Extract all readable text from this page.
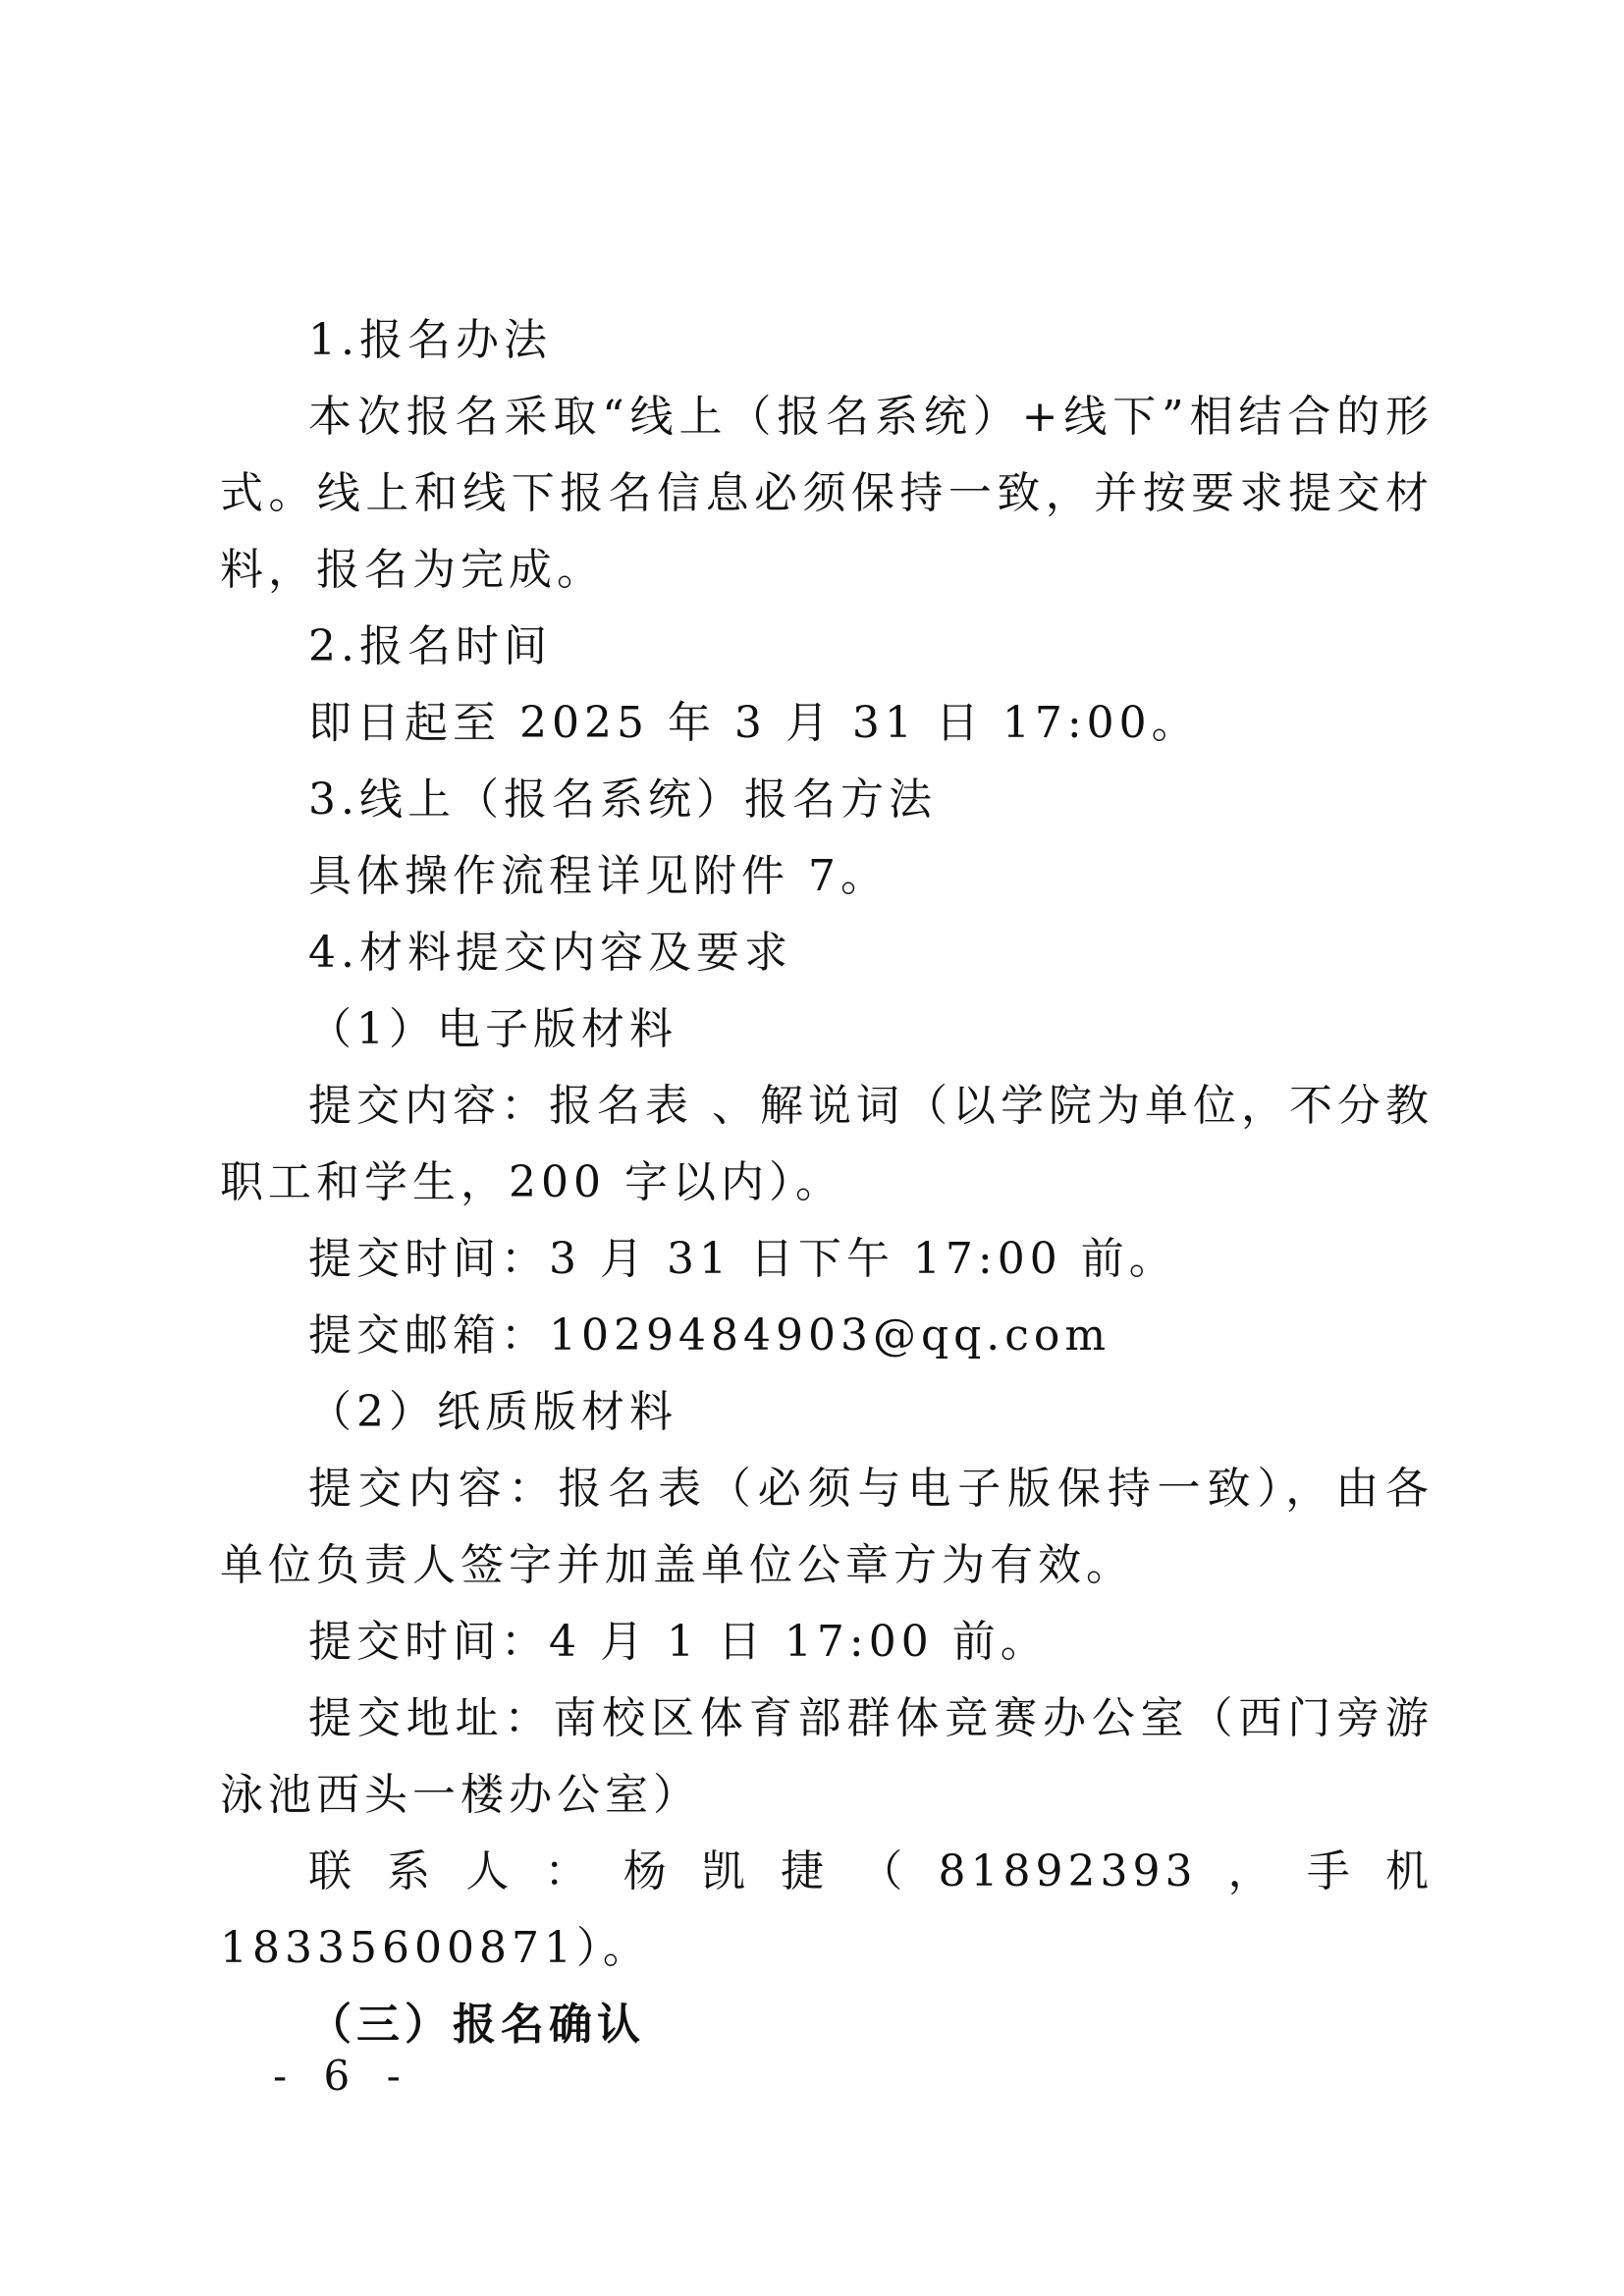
1.报名办法

本次报名采取“线上（报名系统）+线下”相结合的形式。线上和线下报名信息必须保持一致，并按要求提交材料，报名为完成。

2.报名时间

即日起至 2025 年 3 月 31 日 17:00。

3.线上（报名系统）报名方法

具体操作流程详见附件 7。

4.材料提交内容及要求

（1）电子版材料

提交内容：报名表 、解说词（以学院为单位，不分教职工和学生，200 字以内）。

提交时间：3 月 31 日下午 17:00 前。

提交邮箱：1029484903@qq.com

（2）纸质版材料

提交内容：报名表（必须与电子版保持一致），由各单位负责人签字并加盖单位公章方为有效。

提交时间：4 月 1 日 17:00 前。

提交地址：南校区体育部群体竞赛办公室（西门旁游泳池西头一楼办公室）

联系人：杨凯捷（81892393，手机 18335600871）。

（三）报名确认

- 6 -
